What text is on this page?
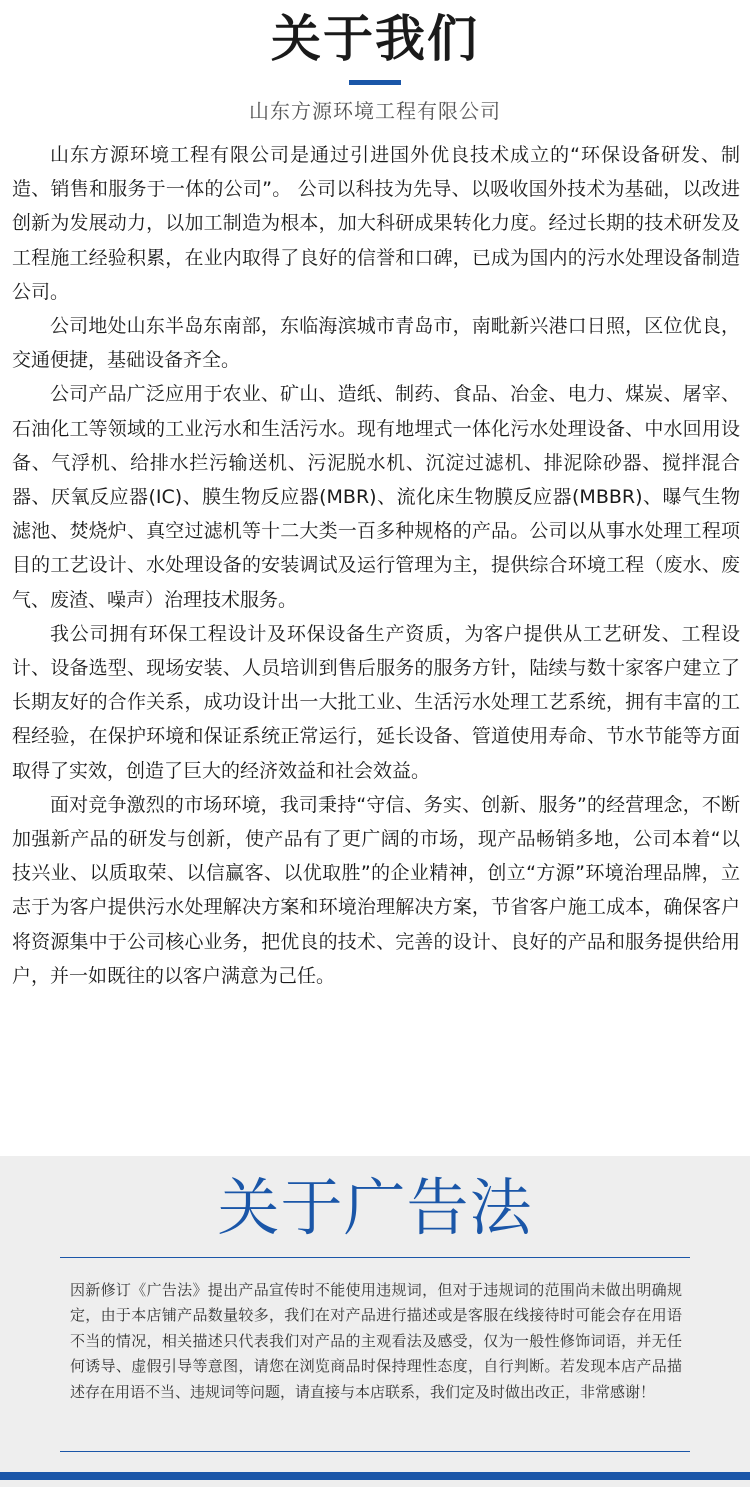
关于我们
山东方源环境工程有限公司

山东方源环境工程有限公司是通过引进国外优良技术成立的“环保设备研发、制造、销售和服务于一体的公司”。 公司以科技为先导、以吸收国外技术为基础，以改进创新为发展动力，以加工制造为根本，加大科研成果转化力度。经过长期的技术研发及工程施工经验积累，在业内取得了良好的信誉和口碑，已成为国内的污水处理设备制造公司。

公司地处山东半岛东南部，东临海滨城市青岛市，南毗新兴港口日照，区位优良，交通便捷，基础设备齐全。

公司产品广泛应用于农业、矿山、造纸、制药、食品、冶金、电力、煤炭、屠宰、石油化工等领域的工业污水和生活污水。现有地埋式一体化污水处理设备、中水回用设备、气浮机、给排水拦污输送机、污泥脱水机、沉淀过滤机、排泥除砂器、搅拌混合器、厌氧反应器(IC)、膜生物反应器(MBR)、流化床生物膜反应器(MBBR)、曝气生物滤池、焚烧炉、真空过滤机等十二大类一百多种规格的产品。公司以从事水处理工程项目的工艺设计、水处理设备的安装调试及运行管理为主，提供综合环境工程（废水、废气、废渣、噪声）治理技术服务。

我公司拥有环保工程设计及环保设备生产资质，为客户提供从工艺研发、工程设计、设备选型、现场安装、人员培训到售后服务的服务方针，陆续与数十家客户建立了长期友好的合作关系，成功设计出一大批工业、生活污水处理工艺系统，拥有丰富的工程经验，在保护环境和保证系统正常运行，延长设备、管道使用寿命、节水节能等方面取得了实效，创造了巨大的经济效益和社会效益。

面对竞争激烈的市场环境，我司秉持“守信、务实、创新、服务”的经营理念，不断加强新产品的研发与创新，使产品有了更广阔的市场，现产品畅销多地，公司本着“以技兴业、以质取荣、以信赢客、以优取胜”的企业精神，创立“方源”环境治理品牌，立志于为客户提供污水处理解决方案和环境治理解决方案，节省客户施工成本，确保客户将资源集中于公司核心业务，把优良的技术、完善的设计、良好的产品和服务提供给用户，并一如既往的以客户满意为己任。

关于广告法

因新修订《广告法》提出产品宣传时不能使用违规词，但对于违规词的范围尚未做出明确规定，由于本店铺产品数量较多，我们在对产品进行描述或是客服在线接待时可能会存在用语不当的情况，相关描述只代表我们对产品的主观看法及感受，仅为一般性修饰词语，并无任何诱导、虚假引导等意图，请您在浏览商品时保持理性态度，自行判断。若发现本店产品描述存在用语不当、违规词等问题，请直接与本店联系，我们定及时做出改正，非常感谢！
